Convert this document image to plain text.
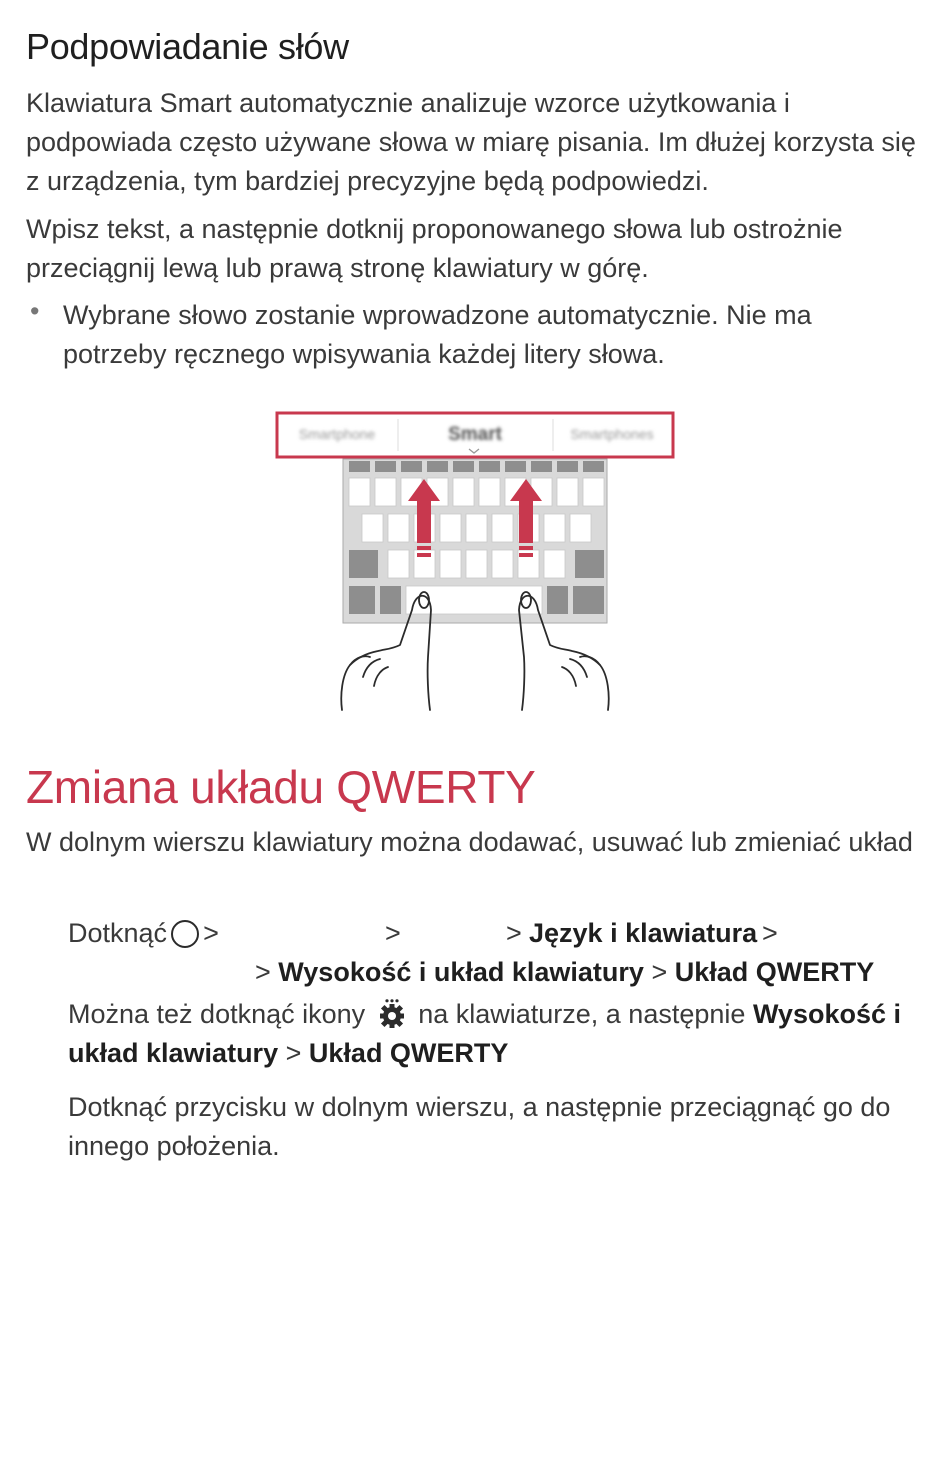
Podpowiadanie słów

Klawiatura Smart automatycznie analizuje wzorce użytkowania i
podpowiada często używane słowa w miarę pisania. Im dłużej korzysta się
z urządzenia, tym bardziej precyzyjne będą podpowiedzi.

Wpisz tekst, a następnie dotknij proponowanego słowa lub ostrożnie
przeciągnij lewą lub prawą stronę klawiatury w górę.

• Wybrane słowo zostanie wprowadzone automatycznie. Nie ma
potrzeby ręcznego wpisywania każdej litery słowa.

Smartphone	Smart	Smartphones
Zmiana układu QWERTY

W dolnym wierszu klawiatury można dodawać, usuwać lub zmieniać układ

Dotknąć >	>	> Język i klawiatura >

> Wysokość i układ klawiatury > Układ QWERTY

Można też dotknąć ikony na klawiaturze, a następnie Wysokość i

układ klawiatury > Układ QWERTY

Dotknąć przycisku w dolnym wierszu, a następnie przeciągnąć go do
innego położenia.
